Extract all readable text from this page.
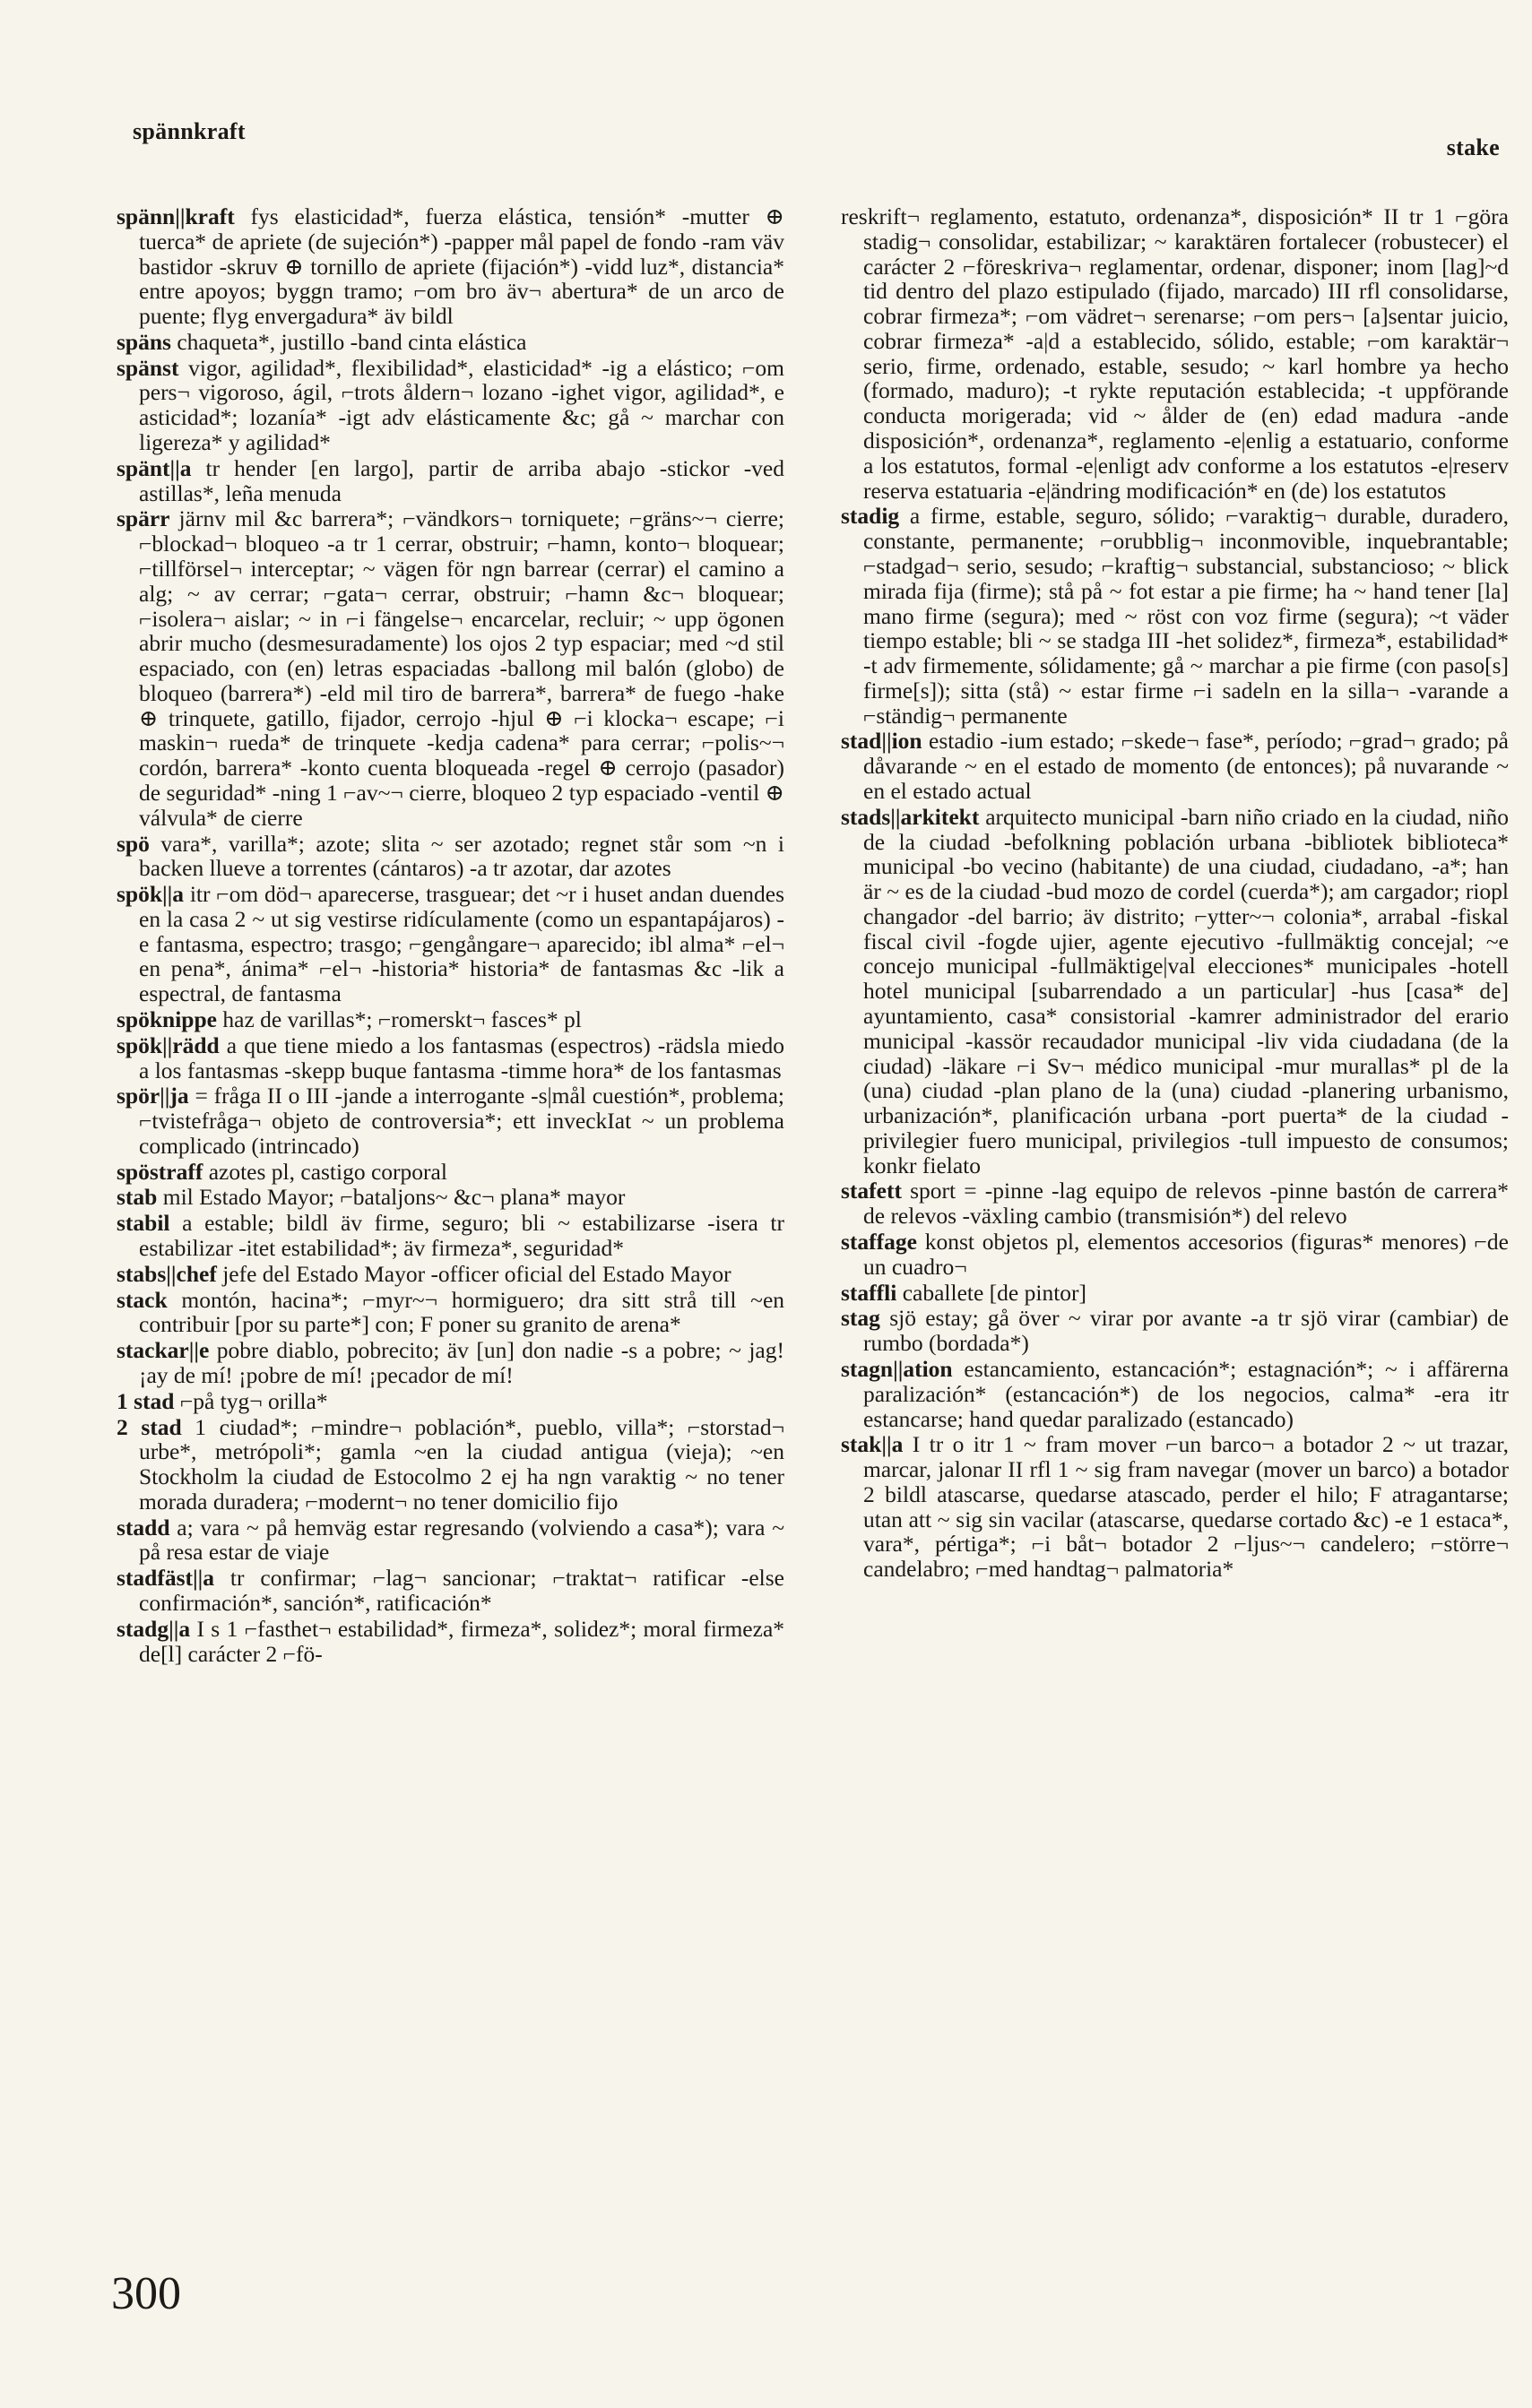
spännkraft
stake
spänn||kraft fys elasticidad*, fuerza elástica, tensión* -mutter ⊕ tuerca* de apriete (de sujeción*) -papper mål papel de fondo -ram väv bastidor -skruv ⊕ tornillo de apriete (fijación*) -vidd luz*, distancia* entre apoyos; byggn tramo; ⌐om bro äv¬ abertura* de un arco de puente; flyg envergadura* äv bildl
späns chaqueta*, justillo -band cinta elástica
spänst vigor, agilidad*, flexibilidad*, elasticidad* -ig a elástico; ⌐om pers¬ vigoroso, ágil, ⌐trots åldern¬ lozano -ighet vigor, agilidad*, e asticidad*; lozanía* -igt adv elásticamente &c; gå ~ marchar con ligereza* y agilidad*
spänt||a tr hender [en largo], partir de arriba abajo -stickor -ved astillas*, leña menuda
spärr järnv mil &c barrera*; ⌐vändkors¬ torniquete; ⌐gräns~¬ cierre; ⌐blockad¬ bloqueo -a tr 1 cerrar, obstruir; ⌐hamn, konto¬ bloquear; ⌐tillförsel¬ interceptar; ~ vägen för ngn barrear (cerrar) el camino a alg; ~ av cerrar; ⌐gata¬ cerrar, obstruir; ⌐hamn &c¬ bloquear; ⌐isolera¬ aislar; ~ in ⌐i fängelse¬ encarcelar, recluir; ~ upp ögonen abrir mucho (desmesuradamente) los ojos 2 typ espaciar; med ~d stil espaciado, con (en) letras espaciadas -ballong mil balón (globo) de bloqueo (barrera*) -eld mil tiro de barrera*, barrera* de fuego -hake ⊕ trinquete, gatillo, fijador, cerrojo -hjul ⊕ ⌐i klocka¬ escape; ⌐i maskin¬ rueda* de trinquete -kedja cadena* para cerrar; ⌐polis~¬ cordón, barrera* -konto cuenta bloqueada -regel ⊕ cerrojo (pasador) de seguridad* -ning 1 ⌐av~¬ cierre, bloqueo 2 typ espaciado -ventil ⊕ válvula* de cierre
spö vara*, varilla*; azote; slita ~ ser azotado; regnet står som ~n i backen llueve a torrentes (cántaros) -a tr azotar, dar azotes
spök||a itr ⌐om död¬ aparecerse, trasguear; det ~r i huset andan duendes en la casa 2 ~ ut sig vestirse ridículamente (como un espantapájaros) -e fantasma, espectro; trasgo; ⌐gengångare¬ aparecido; ibl alma* ⌐el¬ en pena*, ánima* ⌐el¬ -historia* historia* de fantasmas &c -lik a espectral, de fantasma
spöknippe haz de varillas*; ⌐romerskt¬ fasces* pl
spök||rädd a que tiene miedo a los fantasmas (espectros) -rädsla miedo a los fantasmas -skepp buque fantasma -timme hora* de los fantasmas
spör||ja = fråga II o III -jande a interrogante -s|mål cuestión*, problema; ⌐tvistefråga¬ objeto de controversia*; ett inveckIat ~ un problema complicado (intrincado)
spöstraff azotes pl, castigo corporal
stab mil Estado Mayor; ⌐bataljons~ &c¬ plana* mayor
stabil a estable; bildl äv firme, seguro; bli ~ estabilizarse -isera tr estabilizar -itet estabilidad*; äv firmeza*, seguridad*
stabs||chef jefe del Estado Mayor -officer oficial del Estado Mayor
stack montón, hacina*; ⌐myr~¬ hormiguero; dra sitt strå till ~en contribuir [por su parte*] con; F poner su granito de arena*
stackar||e pobre diablo, pobrecito; äv [un] don nadie -s a pobre; ~ jag! ¡ay de mí! ¡pobre de mí! ¡pecador de mí!
1 stad ⌐på tyg¬ orilla*
2 stad 1 ciudad*; ⌐mindre¬ población*, pueblo, villa*; ⌐storstad¬ urbe*, metrópoli*; gamla ~en la ciudad antigua (vieja); ~en Stockholm la ciudad de Estocolmo 2 ej ha ngn varaktig ~ no tener morada duradera; ⌐modernt¬ no tener domicilio fijo
stadd a; vara ~ på hemväg estar regresando (volviendo a casa*); vara ~ på resa estar de viaje
stadfäst||a tr confirmar; ⌐lag¬ sancionar; ⌐traktat¬ ratificar -else confirmación*, sanción*, ratificación*
stadg||a I s 1 ⌐fasthet¬ estabilidad*, firmeza*, solidez*; moral firmeza* de[l] carácter 2 ⌐fö-
reskrift¬ reglamento, estatuto, ordenanza*, disposición* II tr 1 ⌐göra stadig¬ consolidar, estabilizar; ~ karaktären fortalecer (robustecer) el carácter 2 ⌐föreskriva¬ reglamentar, ordenar, disponer; inom [lag]~d tid dentro del plazo estipulado (fijado, marcado) III rfl consolidarse, cobrar firmeza*; ⌐om vädret¬ serenarse; ⌐om pers¬ [a]sentar juicio, cobrar firmeza* -a|d a establecido, sólido, estable; ⌐om karaktär¬ serio, firme, ordenado, estable, sesudo; ~ karl hombre ya hecho (formado, maduro); -t rykte reputación establecida; -t uppförande conducta morigerada; vid ~ ålder de (en) edad madura -ande disposición*, ordenanza*, reglamento -e|enlig a estatuario, conforme a los estatutos, formal -e|enligt adv conforme a los estatutos -e|reserv reserva estatuaria -e|ändring modificación* en (de) los estatutos
stadig a firme, estable, seguro, sólido; ⌐varaktig¬ durable, duradero, constante, permanente; ⌐orubblig¬ inconmovible, inquebrantable; ⌐stadgad¬ serio, sesudo; ⌐kraftig¬ substancial, substancioso; ~ blick mirada fija (firme); stå på ~ fot estar a pie firme; ha ~ hand tener [la] mano firme (segura); med ~ röst con voz firme (segura); ~t väder tiempo estable; bli ~ se stadga III -het solidez*, firmeza*, estabilidad* -t adv firmemente, sólidamente; gå ~ marchar a pie firme (con paso[s] firme[s]); sitta (stå) ~ estar firme ⌐i sadeln en la silla¬ -varande a ⌐ständig¬ permanente
stad||ion estadio -ium estado; ⌐skede¬ fase*, período; ⌐grad¬ grado; på dåvarande ~ en el estado de momento (de entonces); på nuvarande ~ en el estado actual
stads||arkitekt arquitecto municipal -barn niño criado en la ciudad, niño de la ciudad -befolkning población urbana -bibliotek biblioteca* municipal -bo vecino (habitante) de una ciudad, ciudadano, -a*; han är ~ es de la ciudad -bud mozo de cordel (cuerda*); am cargador; riopl changador -del barrio; äv distrito; ⌐ytter~¬ colonia*, arrabal -fiskal fiscal civil -fogde ujier, agente ejecutivo -fullmäktig concejal; ~e concejo municipal -fullmäktige|val elecciones* municipales -hotell hotel municipal [subarrendado a un particular] -hus [casa* de] ayuntamiento, casa* consistorial -kamrer administrador del erario municipal -kassör recaudador municipal -liv vida ciudadana (de la ciudad) -läkare ⌐i Sv¬ médico municipal -mur murallas* pl de la (una) ciudad -plan plano de la (una) ciudad -planering urbanismo, urbanización*, planificación urbana -port puerta* de la ciudad -privilegier fuero municipal, privilegios -tull impuesto de consumos; konkr fielato
stafett sport = -pinne -lag equipo de relevos -pinne bastón de carrera* de relevos -växling cambio (transmisión*) del relevo
staffage konst objetos pl, elementos accesorios (figuras* menores) ⌐de un cuadro¬
staffli caballete [de pintor]
stag sjö estay; gå över ~ virar por avante -a tr sjö virar (cambiar) de rumbo (bordada*)
stagn||ation estancamiento, estancación*; estagnación*; ~ i affärerna paralización* (estancación*) de los negocios, calma* -era itr estancarse; hand quedar paralizado (estancado)
stak||a I tr o itr 1 ~ fram mover ⌐un barco¬ a botador 2 ~ ut trazar, marcar, jalonar II rfl 1 ~ sig fram navegar (mover un barco) a botador 2 bildl atascarse, quedarse atascado, perder el hilo; F atragantarse; utan att ~ sig sin vacilar (atascarse, quedarse cortado &c) -e 1 estaca*, vara*, pértiga*; ⌐i båt¬ botador 2 ⌐ljus~¬ candelero; ⌐större¬ candelabro; ⌐med handtag¬ palmatoria*
300
